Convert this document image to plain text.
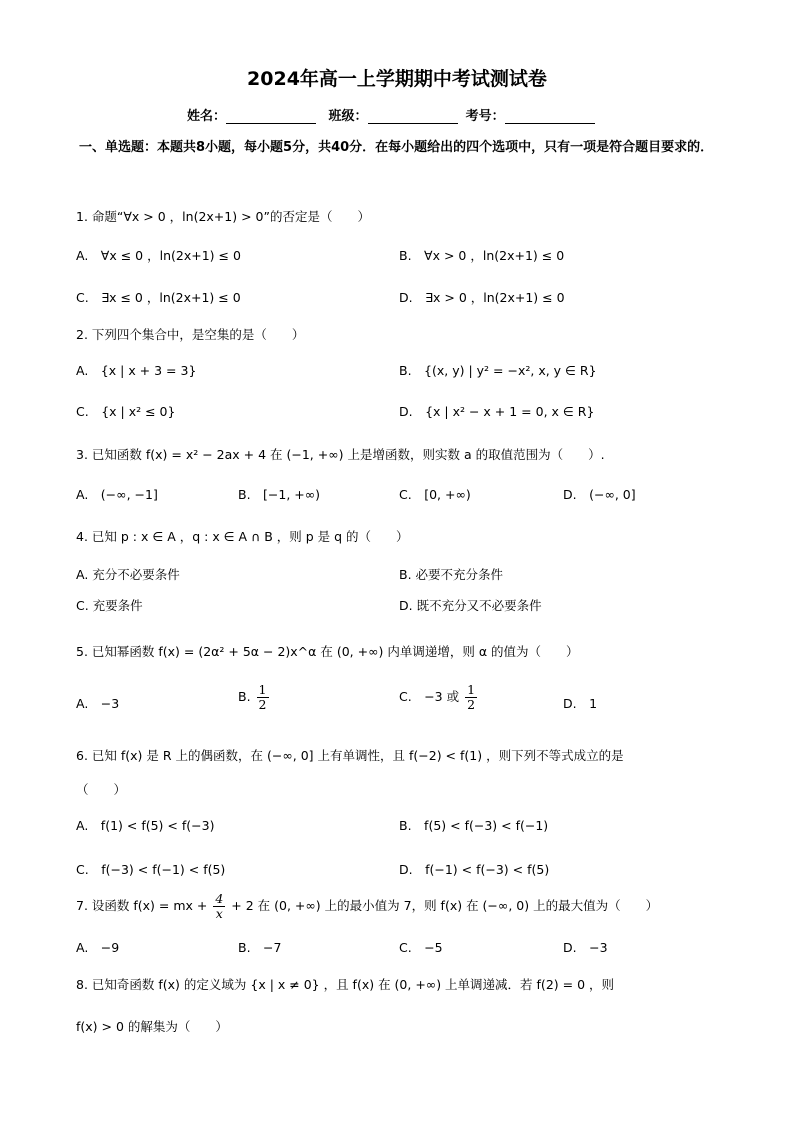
2024年高一上学期期中考试测试卷
姓名：	班级：	考号：
一、单选题：本题共8小题，每小题5分，共40分．在每小题给出的四个选项中，只有一项是符合题目要求的．
1. 命题“∀x > 0 ，ln(2x+1) > 0”的否定是（　　）
A.　∀x ≤ 0 ，ln(2x+1) ≤ 0	B.　∀x > 0 ，ln(2x+1) ≤ 0
C.　∃x ≤ 0 ，ln(2x+1) ≤ 0	D.　∃x > 0 ，ln(2x+1) ≤ 0
2. 下列四个集合中，是空集的是（　　）
A.　{x | x + 3 = 3}	B.　{(x, y) | y² = −x², x, y ∈ R}
C.　{x | x² ≤ 0}	D.　{x | x² − x + 1 = 0, x ∈ R}
3. 已知函数 f(x) = x² − 2ax + 4 在 (−1, +∞) 上是增函数，则实数 a 的取值范围为（　　）.
A.　(−∞, −1]	B.　[−1, +∞)	C.　[0, +∞)	D.　(−∞, 0]
4. 已知 p : x ∈ A ，q : x ∈ A ∩ B ，则 p 是 q 的（　　）
A. 充分不必要条件	B. 必要不充分条件
C. 充要条件	D. 既不充分又不必要条件
5. 已知幂函数 f(x) = (2α² + 5α − 2)x^α 在 (0, +∞) 内单调递增，则 α 的值为（　　）
A.　−3	B. $\frac{1}{2}$	C.　−3 或 $\frac{1}{2}$	D.　1
6. 已知 f(x) 是 R 上的偶函数，在 (−∞, 0] 上有单调性，且 f(−2) < f(1) ，则下列不等式成立的是
（　　）
A.　f(1) < f(5) < f(−3)	B.　f(5) < f(−3) < f(−1)
C.　f(−3) < f(−1) < f(5)	D.　f(−1) < f(−3) < f(5)
7. 设函数 f(x) = mx + $\frac{4}{x} + 2$ 在 (0, +∞) 上的最小值为 7，则 f(x) 在 (−∞, 0) 上的最大值为（　　）
A.　−9	B.　−7	C.　−5	D.　−3
8. 已知奇函数 f(x) 的定义域为 {x | x ≠ 0} ，且 f(x) 在 (0, +∞) 上单调递减．若 f(2) = 0 ，则
f(x) > 0 的解集为（　　）
